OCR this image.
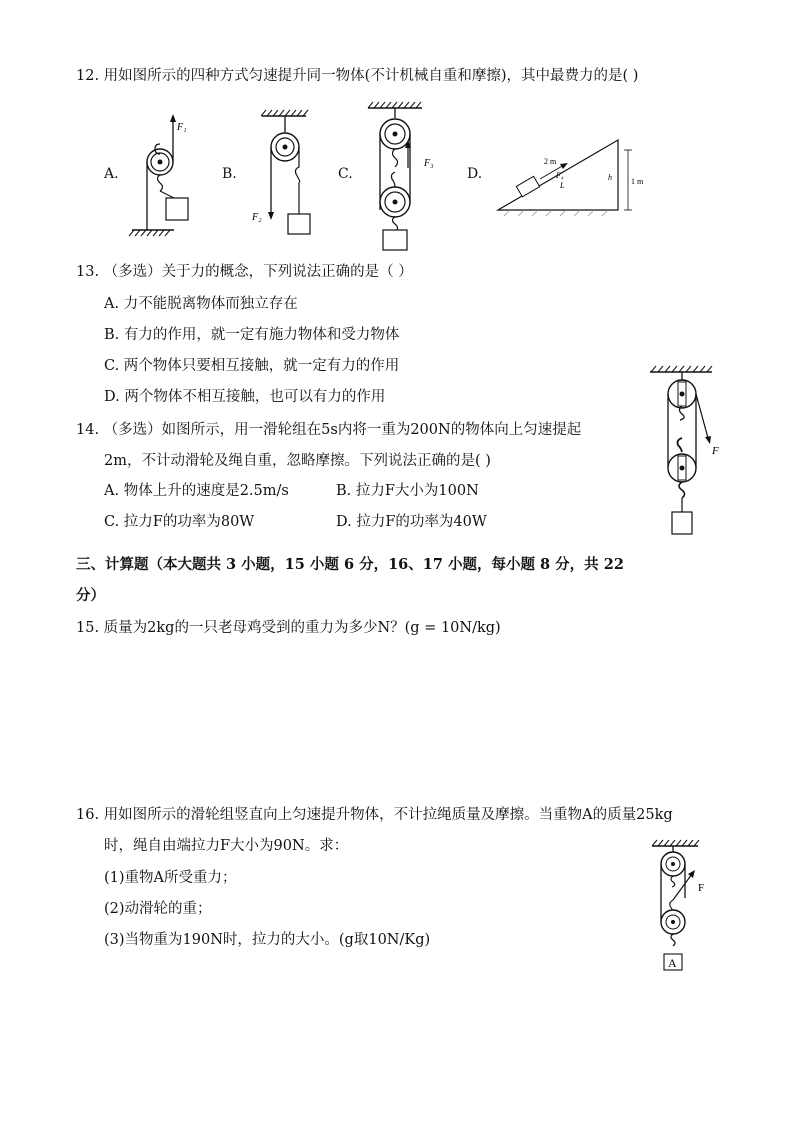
12. 用如图所示的四种方式匀速提升同一物体(不计机械自重和摩擦)，其中最费力的是( )
A.	B.	C.	D.
F₁
F₂
F₃
F₄
L
2 m
h 1 m
13. （多选）关于力的概念，下列说法正确的是（ ）
A. 力不能脱离物体而独立存在
B. 有力的作用，就一定有施力物体和受力物体
C. 两个物体只要相互接触，就一定有力的作用
D. 两个物体不相互接触，也可以有力的作用
14. （多选）如图所示，用一滑轮组在5s内将一重为200N的物体向上匀速提起
2m，不计动滑轮及绳自重，忽略摩擦。下列说法正确的是( )
A. 物体上升的速度是2.5m/s	B. 拉力F大小为100N
C. 拉力F的功率为80W	D. 拉力F的功率为40W
F
三、计算题（本大题共 3 小题，15 小题 6 分，16、17 小题，每小题 8 分，共 22
分）
15. 质量为2kg的一只老母鸡受到的重力为多少N？(g = 10N/kg)
16. 用如图所示的滑轮组竖直向上匀速提升物体，不计拉绳质量及摩擦。当重物A的质量25kg
时，绳自由端拉力F大小为90N。求：
(1)重物A所受重力；
(2)动滑轮的重；
(3)当物重为190N时，拉力的大小。(g取10N/Kg)
F
A
